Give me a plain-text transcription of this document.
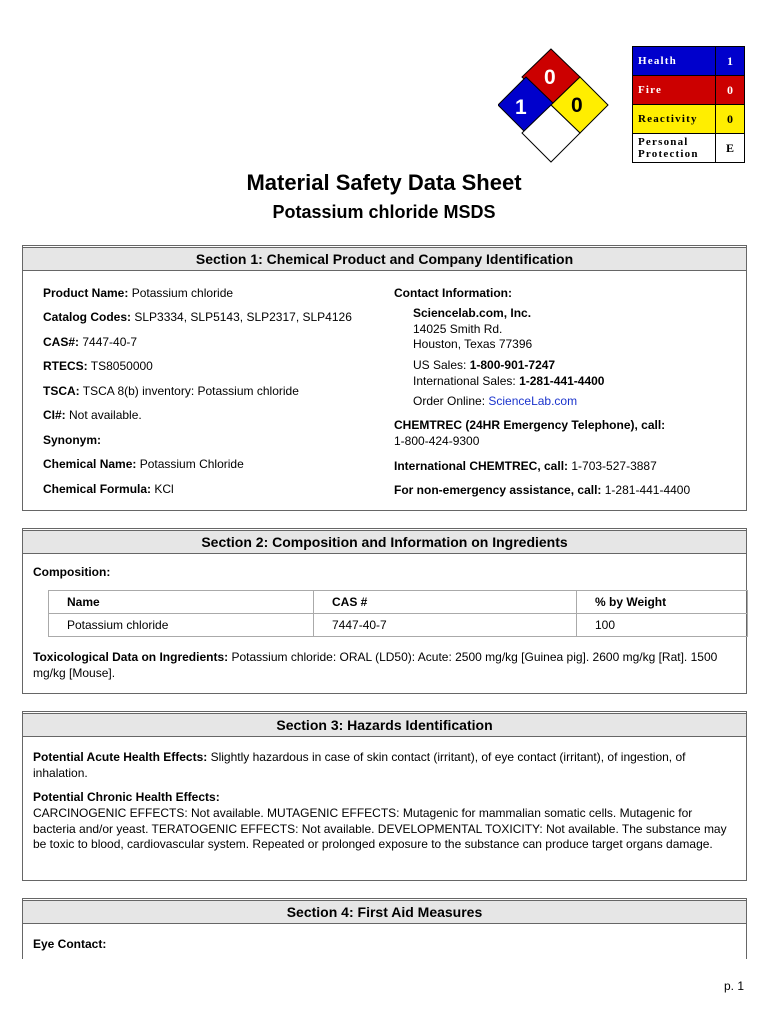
0
1 0
Health	1
Fire	0
Reactivity	0

Personal
Protection	E
Material Safety Data Sheet
Potassium chloride MSDS
Section 1: Chemical Product and Company Identification
Product Name: Potassium chloride
Catalog Codes: SLP3334, SLP5143, SLP2317, SLP4126
CAS#: 7447-40-7
RTECS: TS8050000
TSCA: TSCA 8(b) inventory: Potassium chloride
CI#: Not available.
Synonym:
Chemical Name: Potassium Chloride
Chemical Formula: KCl
Contact Information:
Sciencelab.com, Inc.
14025 Smith Rd.
Houston, Texas 77396
US Sales: 1-800-901-7247
International Sales: 1-281-441-4400
Order Online: ScienceLab.com
CHEMTREC (24HR Emergency Telephone), call:
1-800-424-9300
International CHEMTREC, call: 1-703-527-3887
For non-emergency assistance, call: 1-281-441-4400
Section 2: Composition and Information on Ingredients
Composition:
Name	CAS #	% by Weight
Potassium chloride	7447-40-7	100
Toxicological Data on Ingredients: Potassium chloride: ORAL (LD50): Acute: 2500 mg/kg [Guinea pig]. 2600 mg/kg [Rat]. 1500 mg/kg [Mouse].
Section 3: Hazards Identification
Potential Acute Health Effects: Slightly hazardous in case of skin contact (irritant), of eye contact (irritant), of ingestion, of inhalation.
Potential Chronic Health Effects:
CARCINOGENIC EFFECTS: Not available. MUTAGENIC EFFECTS: Mutagenic for mammalian somatic cells. Mutagenic for bacteria and/or yeast. TERATOGENIC EFFECTS: Not available. DEVELOPMENTAL TOXICITY: Not available. The substance may be toxic to blood, cardiovascular system. Repeated or prolonged exposure to the substance can produce target organs damage.
Section 4: First Aid Measures
Eye Contact:
p. 1
